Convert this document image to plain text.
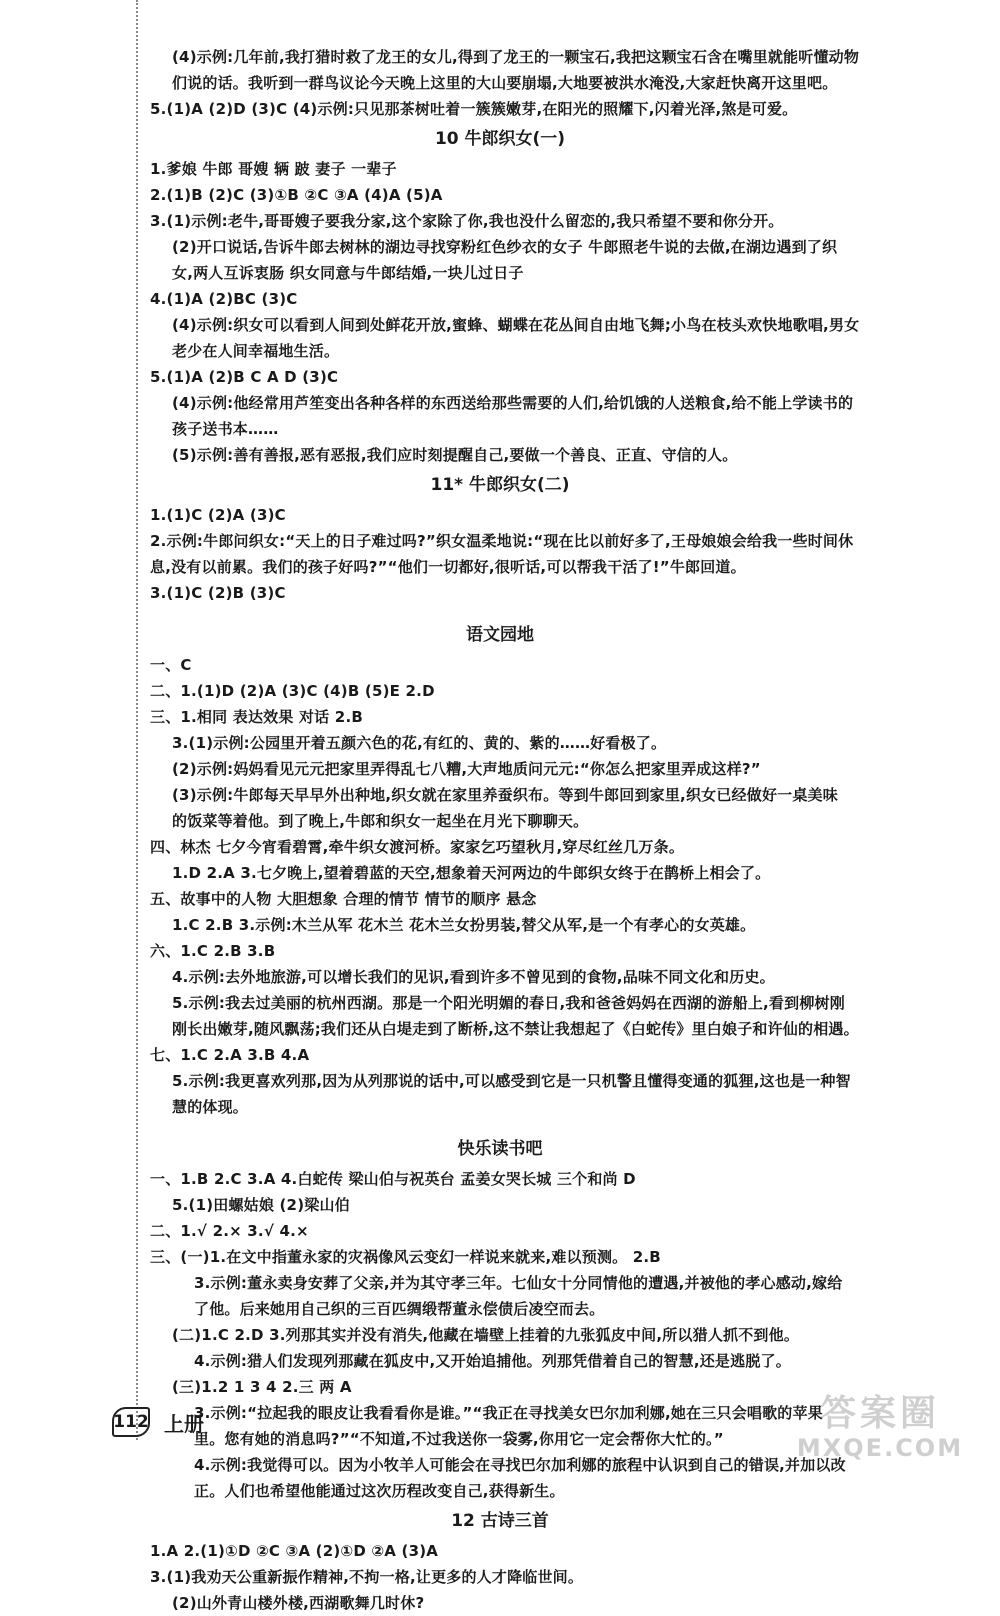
(4)示例:几年前,我打猎时救了龙王的女儿,得到了龙王的一颗宝石,我把这颗宝石含在嘴里就能听懂动物
们说的话。我听到一群鸟议论今天晚上这里的大山要崩塌,大地要被洪水淹没,大家赶快离开这里吧。
5.(1)A (2)D (3)C (4)示例:只见那茶树吐着一簇簇嫩芽,在阳光的照耀下,闪着光泽,煞是可爱。
10 牛郎织女(一)
1.爹娘 牛郎 哥嫂 辆 跛 妻子 一辈子
2.(1)B (2)C (3)①B ②C ③A (4)A (5)A
3.(1)示例:老牛,哥哥嫂子要我分家,这个家除了你,我也没什么留恋的,我只希望不要和你分开。
(2)开口说话,告诉牛郎去树林的湖边寻找穿粉红色纱衣的女子 牛郎照老牛说的去做,在湖边遇到了织
女,两人互诉衷肠 织女同意与牛郎结婚,一块儿过日子
4.(1)A (2)BC (3)C
(4)示例:织女可以看到人间到处鲜花开放,蜜蜂、蝴蝶在花丛间自由地飞舞;小鸟在枝头欢快地歌唱,男女
老少在人间幸福地生活。
5.(1)A (2)B C A D (3)C
(4)示例:他经常用芦笙变出各种各样的东西送给那些需要的人们,给饥饿的人送粮食,给不能上学读书的
孩子送书本……
(5)示例:善有善报,恶有恶报,我们应时刻提醒自己,要做一个善良、正直、守信的人。
11* 牛郎织女(二)
1.(1)C (2)A (3)C
2.示例:牛郎问织女:“天上的日子难过吗?”织女温柔地说:“现在比以前好多了,王母娘娘会给我一些时间休
息,没有以前累。我们的孩子好吗?”“他们一切都好,很听话,可以帮我干活了!”牛郎回道。
3.(1)C (2)B (3)C
语文园地
一、C
二、1.(1)D (2)A (3)C (4)B (5)E 2.D
三、1.相同 表达效果 对话 2.B
3.(1)示例:公园里开着五颜六色的花,有红的、黄的、紫的……好看极了。
(2)示例:妈妈看见元元把家里弄得乱七八糟,大声地质问元元:“你怎么把家里弄成这样?”
(3)示例:牛郎每天早早外出种地,织女就在家里养蚕织布。等到牛郎回到家里,织女已经做好一桌美味
的饭菜等着他。到了晚上,牛郎和织女一起坐在月光下聊聊天。
四、林杰 七夕今宵看碧霄,牵牛织女渡河桥。家家乞巧望秋月,穿尽红丝几万条。
1.D 2.A 3.七夕晚上,望着碧蓝的天空,想象着天河两边的牛郎织女终于在鹊桥上相会了。
五、故事中的人物 大胆想象 合理的情节 情节的顺序 悬念
1.C 2.B 3.示例:木兰从军 花木兰 花木兰女扮男装,替父从军,是一个有孝心的女英雄。
六、1.C 2.B 3.B
4.示例:去外地旅游,可以增长我们的见识,看到许多不曾见到的食物,品味不同文化和历史。
5.示例:我去过美丽的杭州西湖。那是一个阳光明媚的春日,我和爸爸妈妈在西湖的游船上,看到柳树刚
刚长出嫩芽,随风飘荡;我们还从白堤走到了断桥,这不禁让我想起了《白蛇传》里白娘子和许仙的相遇。
七、1.C 2.A 3.B 4.A
5.示例:我更喜欢列那,因为从列那说的话中,可以感受到它是一只机警且懂得变通的狐狸,这也是一种智
慧的体现。
快乐读书吧
一、1.B 2.C 3.A 4.白蛇传 梁山伯与祝英台 孟姜女哭长城 三个和尚 D
5.(1)田螺姑娘 (2)梁山伯
二、1.√ 2.× 3.√ 4.×
三、(一)1.在文中指董永家的灾祸像风云变幻一样说来就来,难以预测。 2.B
3.示例:董永卖身安葬了父亲,并为其守孝三年。七仙女十分同情他的遭遇,并被他的孝心感动,嫁给
了他。后来她用自己织的三百匹绸缎帮董永偿债后凌空而去。
(二)1.C 2.D 3.列那其实并没有消失,他藏在墙壁上挂着的九张狐皮中间,所以猎人抓不到他。
4.示例:猎人们发现列那藏在狐皮中,又开始追捕他。列那凭借着自己的智慧,还是逃脱了。
(三)1.2 1 3 4 2.三 两 A
3.示例:“拉起我的眼皮让我看看你是谁。”“我正在寻找美女巴尔加利娜,她在三只会唱歌的苹果
里。您有她的消息吗?”“不知道,不过我送你一袋雾,你用它一定会帮你大忙的。”
4.示例:我觉得可以。因为小牧羊人可能会在寻找巴尔加利娜的旅程中认识到自己的错误,并加以改
正。人们也希望他能通过这次历程改变自己,获得新生。
12 古诗三首
1.A 2.(1)①D ②C ③A (2)①D ②A (3)A
3.(1)我劝天公重新振作精神,不拘一格,让更多的人才降临世间。
(2)山外青山楼外楼,西湖歌舞几时休?
112 上册	答案圈
MXQE.COM
